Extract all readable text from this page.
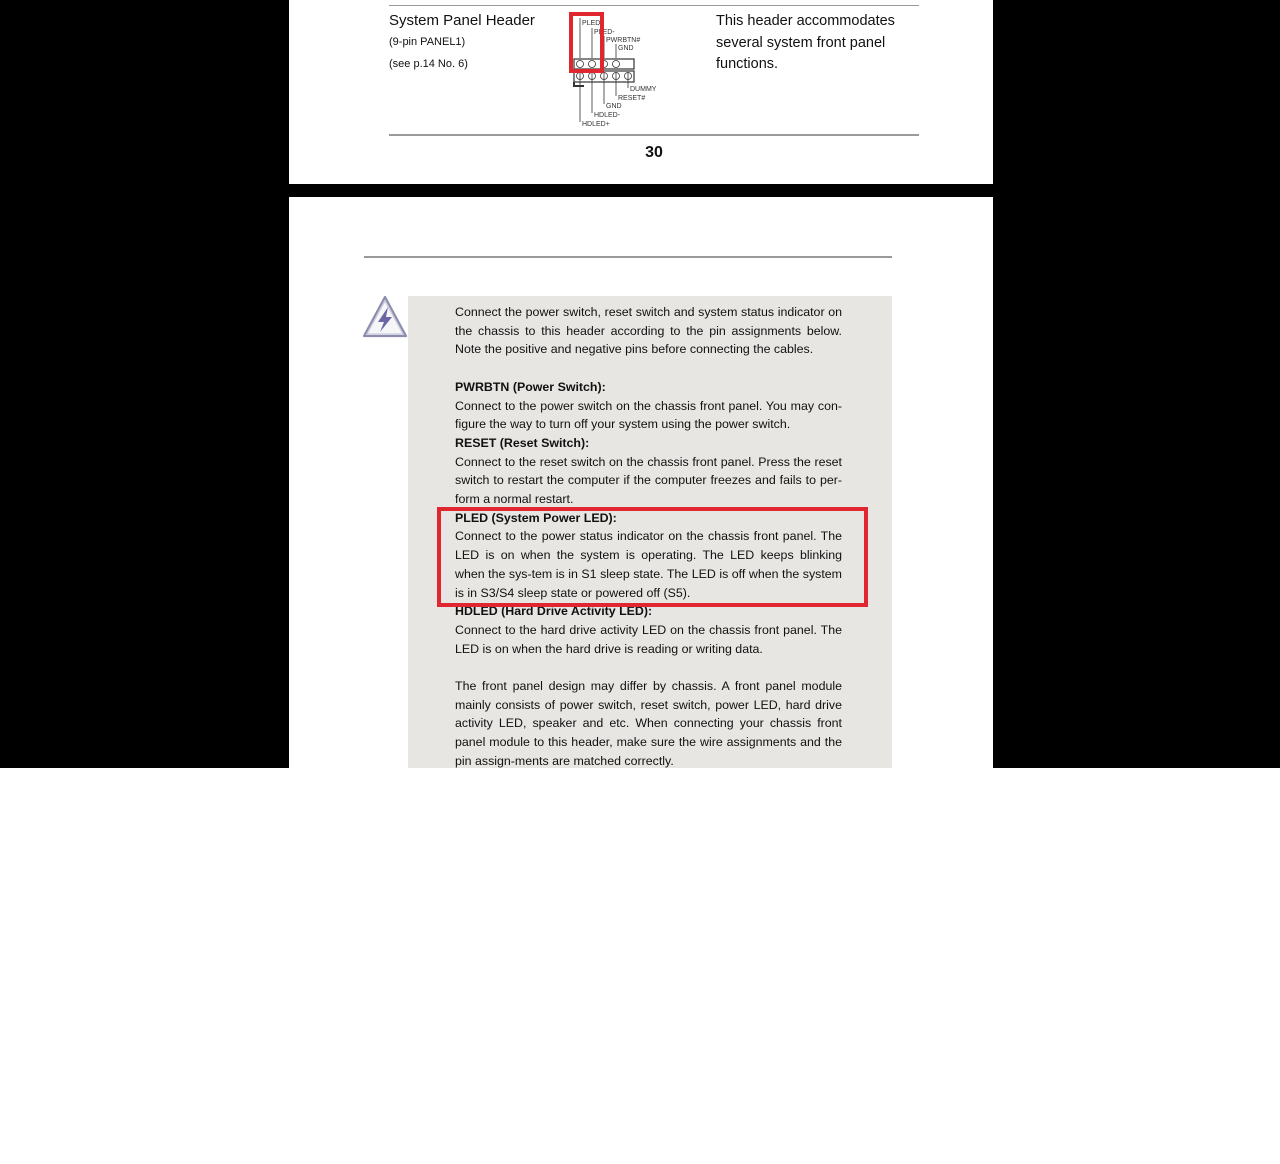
System Panel Header
(9-pin PANEL1)
(see p.14 No. 6)
PLED+
PLED-
PWRBTN#
GND
DUMMY
RESET#
GND
HDLED-
HDLED+
This header accommodates several system front panel functions.
30

Connect the power switch, reset switch and system status indicator on the chassis to this header according to the pin assignments below. Note the positive and negative pins before connecting the cables.

PWRBTN (Power Switch):

Connect to the power switch on the chassis front panel. You may con-figure the way to turn off your system using the power switch.

RESET (Reset Switch):

Connect to the reset switch on the chassis front panel. Press the reset switch to restart the computer if the computer freezes and fails to per-form a normal restart.

PLED (System Power LED):

Connect to the power status indicator on the chassis front panel. The LED is on when the system is operating. The LED keeps blinking when the sys-tem is in S1 sleep state. The LED is off when the system is in S3/S4 sleep state or powered off (S5).

HDLED (Hard Drive Activity LED):

Connect to the hard drive activity LED on the chassis front panel. The LED is on when the hard drive is reading or writing data.

The front panel design may differ by chassis. A front panel module mainly consists of power switch, reset switch, power LED, hard drive activity LED, speaker and etc. When connecting your chassis front panel module to this header, make sure the wire assignments and the pin assign-ments are matched correctly.
